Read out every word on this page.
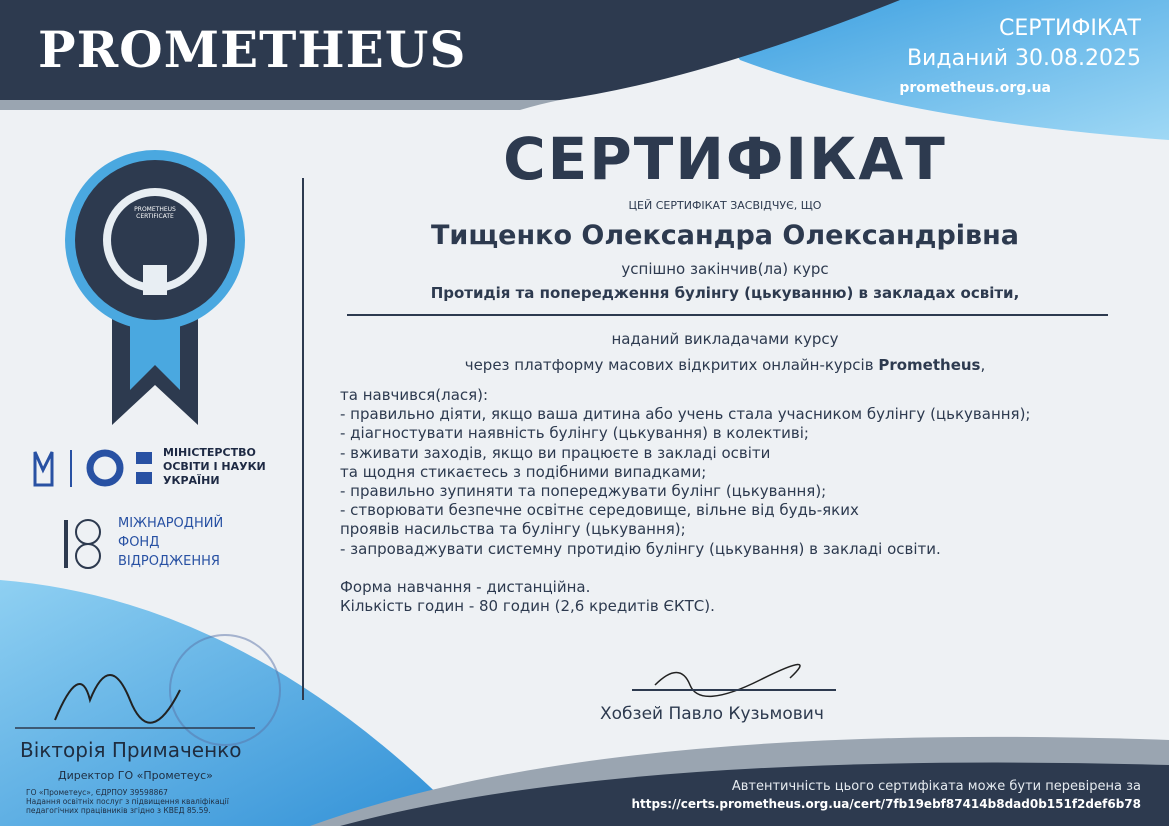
PROMETHEUS	СЕРТИФІКАТ
Виданий 30.08.2025
prometheus.org.ua
СЕРТИФІКАТ
ЦЕЙ СЕРТИФІКАТ ЗАСВІДЧУЄ, ЩО
Тищенко Олександра Олександрівна
успішно закінчив(ла) курс
Протидія та попередження булінгу (цькуванню) в закладах освіти,
наданий викладачами курсу
через платформу масових відкритих онлайн-курсів Prometheus,
та навчився(лася):
- правильно діяти, якщо ваша дитина або учень стала учасником булінгу (цькування);
- діагностувати наявність булінгу (цькування) в колективі;
- вживати заходів, якщо ви працюєте в закладі освіти
та щодня стикаєтесь з подібними випадками;
- правильно зупиняти та попереджувати булінг (цькування);
- створювати безпечне освітнє середовище, вільне від будь-яких
проявів насильства та булінгу (цькування);
- запроваджувати системну протидію булінгу (цькування) в закладі освіти.
Форма навчання - дистанційна.
Кількість годин - 80 годин (2,6 кредитів ЄКТС).
PROMETHEUS CERTIFICATE
МІНІСТЕРСТВО
ОСВІТИ І НАУКИ
УКРАЇНИ
МІЖНАРОДНИЙ
ФОНД
ВІДРОДЖЕННЯ
Вікторія Примаченко
Директор ГО «Прометеус»
ГО «Прометеус», ЄДРПОУ 39598867
Надання освітніх послуг з підвищення кваліфікації
педагогічних працівників згідно з КВЕД 85.59.
Хобзей Павло Кузьмович
Автентичність цього сертифіката може бути перевірена за
https://certs.prometheus.org.ua/cert/7fb19ebf87414b8dad0b151f2def6b78
